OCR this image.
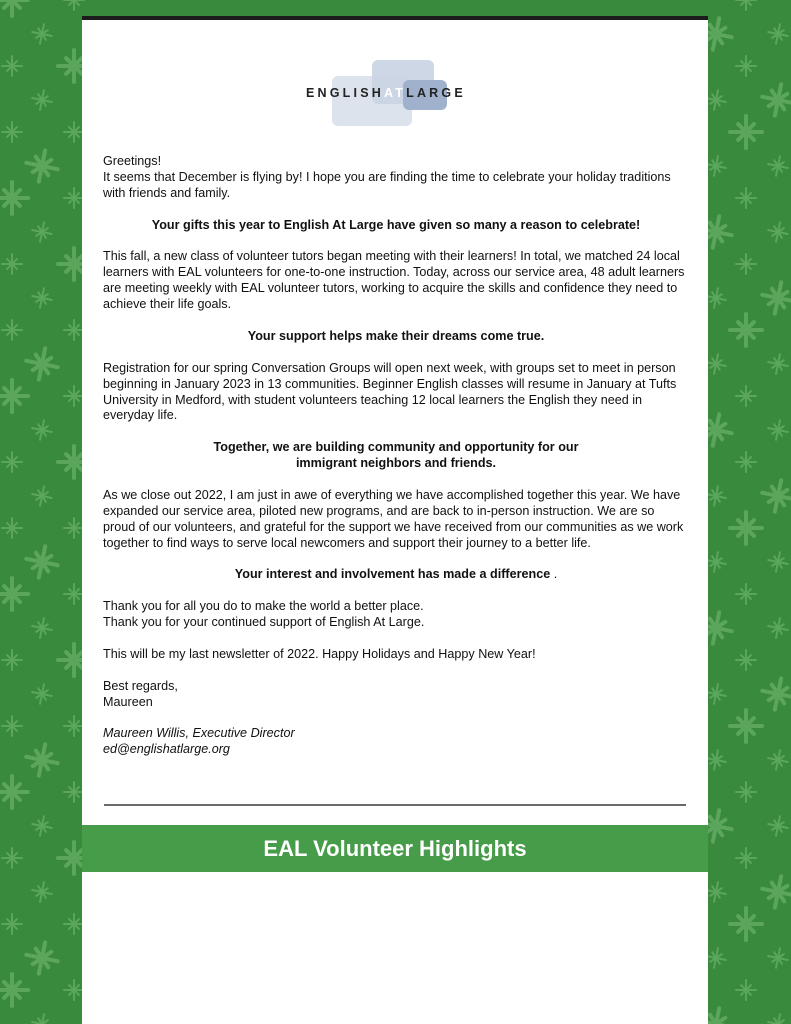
ENGLISHATLARGE

Greetings!
It seems that December is flying by! I hope you are finding the time to celebrate your holiday traditions with friends and family.

Your gifts this year to English At Large have given so many a reason to celebrate!

This fall, a new class of volunteer tutors began meeting with their learners! In total, we matched 24 local learners with EAL volunteers for one-to-one instruction. Today, across our service area, 48 adult learners are meeting weekly with EAL volunteer tutors, working to acquire the skills and confidence they need to achieve their life goals.

Your support helps make their dreams come true.

Registration for our spring Conversation Groups will open next week, with groups set to meet in person beginning in January 2023 in 13 communities. Beginner English classes will resume in January at Tufts University in Medford, with student volunteers teaching 12 local learners the English they need in everyday life.

Together, we are building community and opportunity for our
immigrant neighbors and friends.

As we close out 2022, I am just in awe of everything we have accomplished together this year. We have expanded our service area, piloted new programs, and are back to in-person instruction. We are so proud of our volunteers, and grateful for the support we have received from our communities as we work together to find ways to serve local newcomers and support their journey to a better life.

Your interest and involvement has made a difference .

Thank you for all you do to make the world a better place.
Thank you for your continued support of English At Large.

This will be my last newsletter of 2022. Happy Holidays and Happy New Year!

Best regards,
Maureen

Maureen Willis, Executive Director
ed@englishatlarge.org

EAL Volunteer Highlights
